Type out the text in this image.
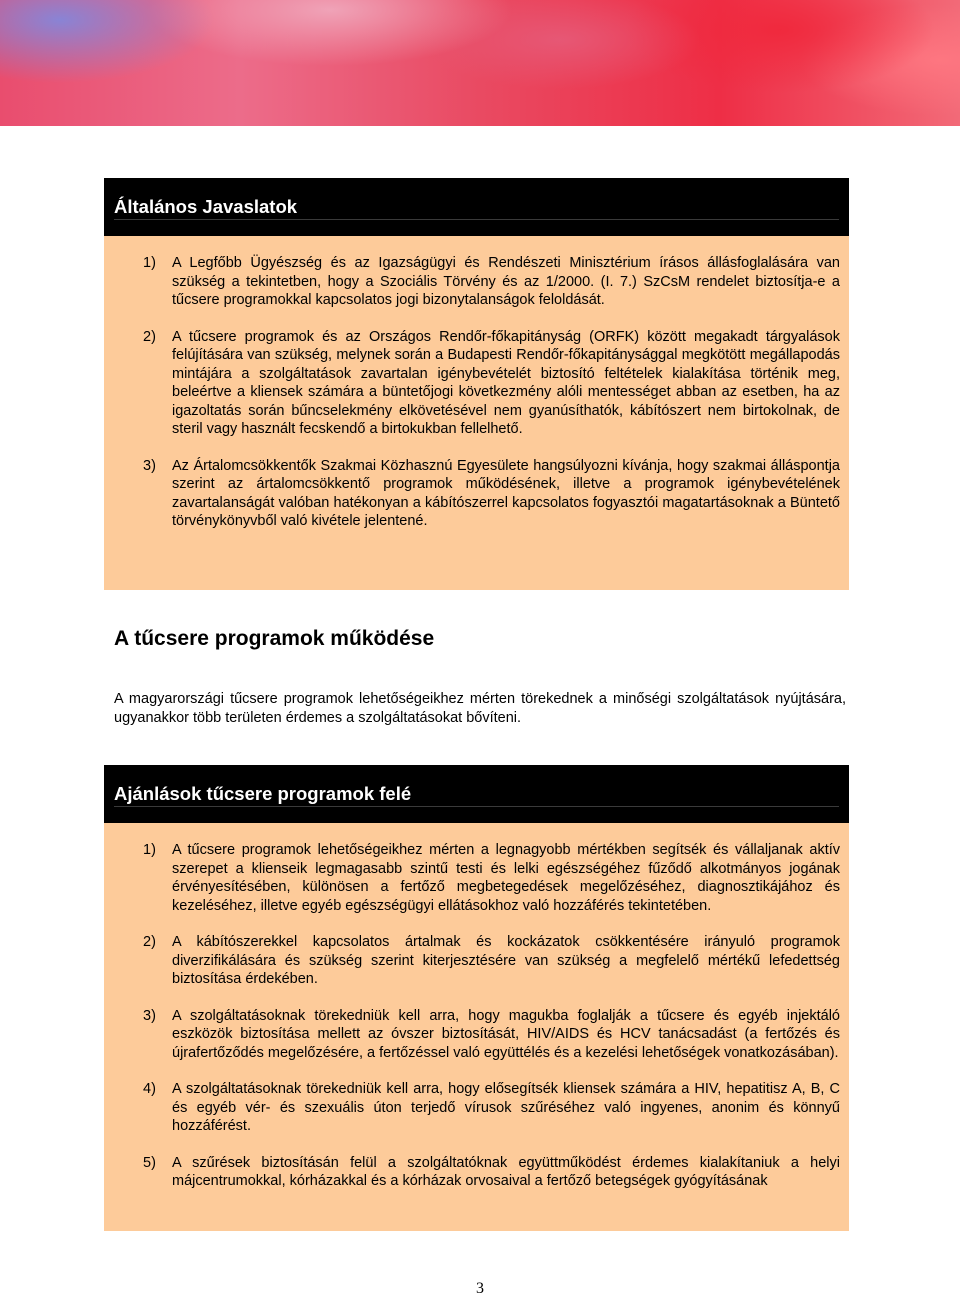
Általános Javaslatok
1) A Legfőbb Ügyészség és az Igazságügyi és Rendészeti Minisztérium írásos állásfoglalására van szükség a tekintetben, hogy a Szociális Törvény és az 1/2000. (I. 7.) SzCsM rendelet biztosítja-e a tűcsere programokkal kapcsolatos jogi bizonytalanságok feloldását.
2) A tűcsere programok és az Országos Rendőr-főkapitányság (ORFK) között megakadt tárgyalások felújítására van szükség, melynek során a Budapesti Rendőr-főkapitánysággal megkötött megállapodás mintájára a szolgáltatások zavartalan igénybevételét biztosító feltételek kialakítása történik meg, beleértve a kliensek számára a büntetőjogi következmény alóli mentességet abban az esetben, ha az igazoltatás során bűncselekmény elkövetésével nem gyanúsíthatók, kábítószert nem birtokolnak, de steril vagy használt fecskendő a birtokukban fellelhető.
3) Az Ártalomcsökkentők Szakmai Közhasznú Egyesülete hangsúlyozni kívánja, hogy szakmai álláspontja szerint az ártalomcsökkentő programok működésének, illetve a programok igénybevételének zavartalanságát valóban hatékonyan a kábítószerrel kapcsolatos fogyasztói magatartásoknak a Büntető törvénykönyvből való kivétele jelentené.
A tűcsere programok működése
A magyarországi tűcsere programok lehetőségeikhez mérten törekednek a minőségi szolgáltatások nyújtására, ugyanakkor több területen érdemes a szolgáltatásokat bővíteni.
Ajánlások tűcsere programok felé
1) A tűcsere programok lehetőségeikhez mérten a legnagyobb mértékben segítsék és vállaljanak aktív szerepet a klienseik legmagasabb szintű testi és lelki egészségéhez fűződő alkotmányos jogának érvényesítésében, különösen a fertőző megbetegedések megelőzéséhez, diagnosztikájához és kezeléséhez, illetve egyéb egészségügyi ellátásokhoz való hozzáférés tekintetében.
2) A kábítószerekkel kapcsolatos ártalmak és kockázatok csökkentésére irányuló programok diverzifikálására és szükség szerint kiterjesztésére van szükség a megfelelő mértékű lefedettség biztosítása érdekében.
3) A szolgáltatásoknak törekedniük kell arra, hogy magukba foglalják a tűcsere és egyéb injektáló eszközök biztosítása mellett az óvszer biztosítását, HIV/AIDS és HCV tanácsadást (a fertőzés és újrafertőződés megelőzésére, a fertőzéssel való együttélés és a kezelési lehetőségek vonatkozásában).
4) A szolgáltatásoknak törekedniük kell arra, hogy elősegítsék kliensek számára a HIV, hepatitisz A, B, C és egyéb vér- és szexuális úton terjedő vírusok szűréséhez való ingyenes, anonim és könnyű hozzáférést.
5) A szűrések biztosításán felül a szolgáltatóknak együttműködést érdemes kialakítaniuk a helyi májcentrumokkal, kórházakkal és a kórházak orvosaival a fertőző betegségek gyógyításának
3
